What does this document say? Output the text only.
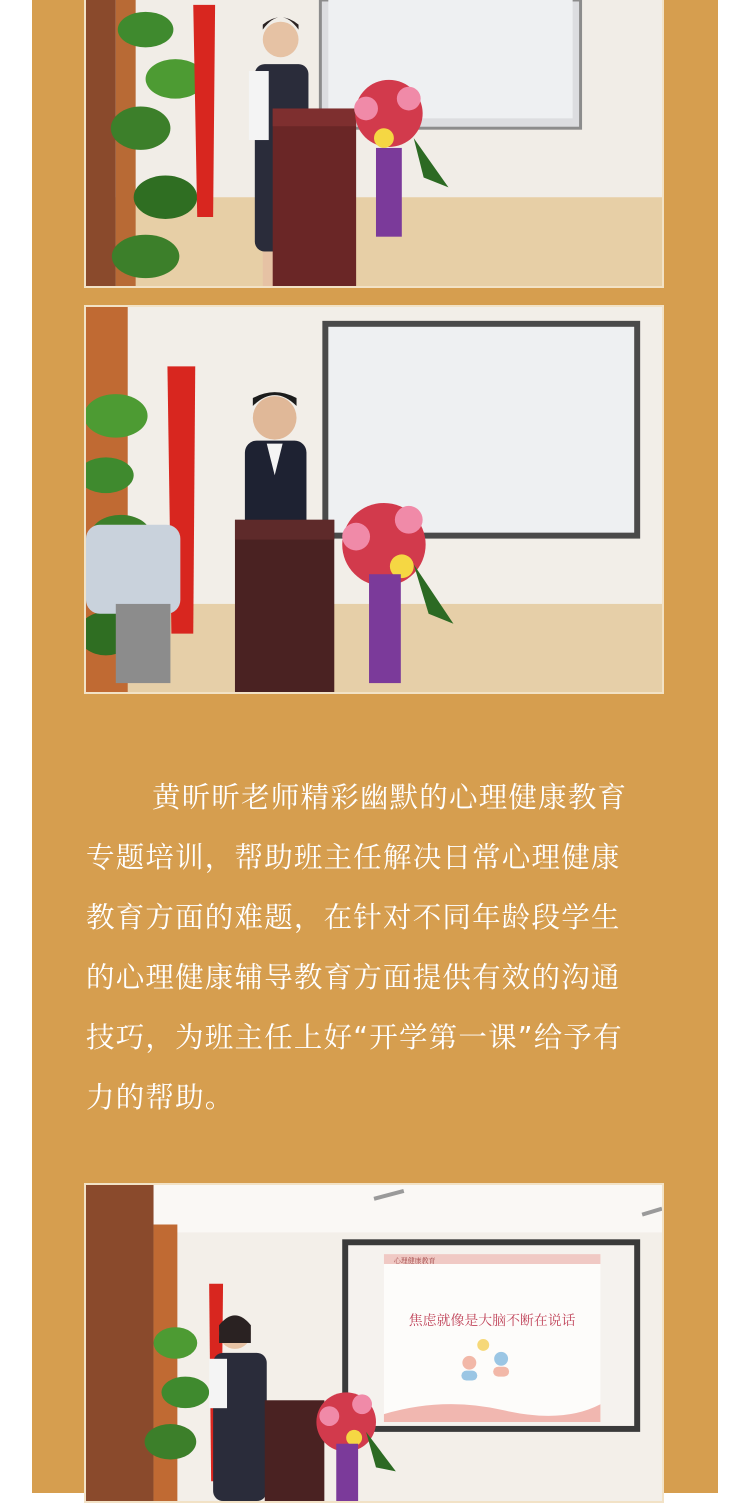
黄昕昕老师精彩幽默的心理健康教育
专题培训，帮助班主任解决日常心理健康
教育方面的难题，在针对不同年龄段学生
的心理健康辅导教育方面提供有效的沟通
技巧，为班主任上好“开学第一课”给予有
力的帮助。

心理健康教育
焦虑就像是大脑不断在说话
